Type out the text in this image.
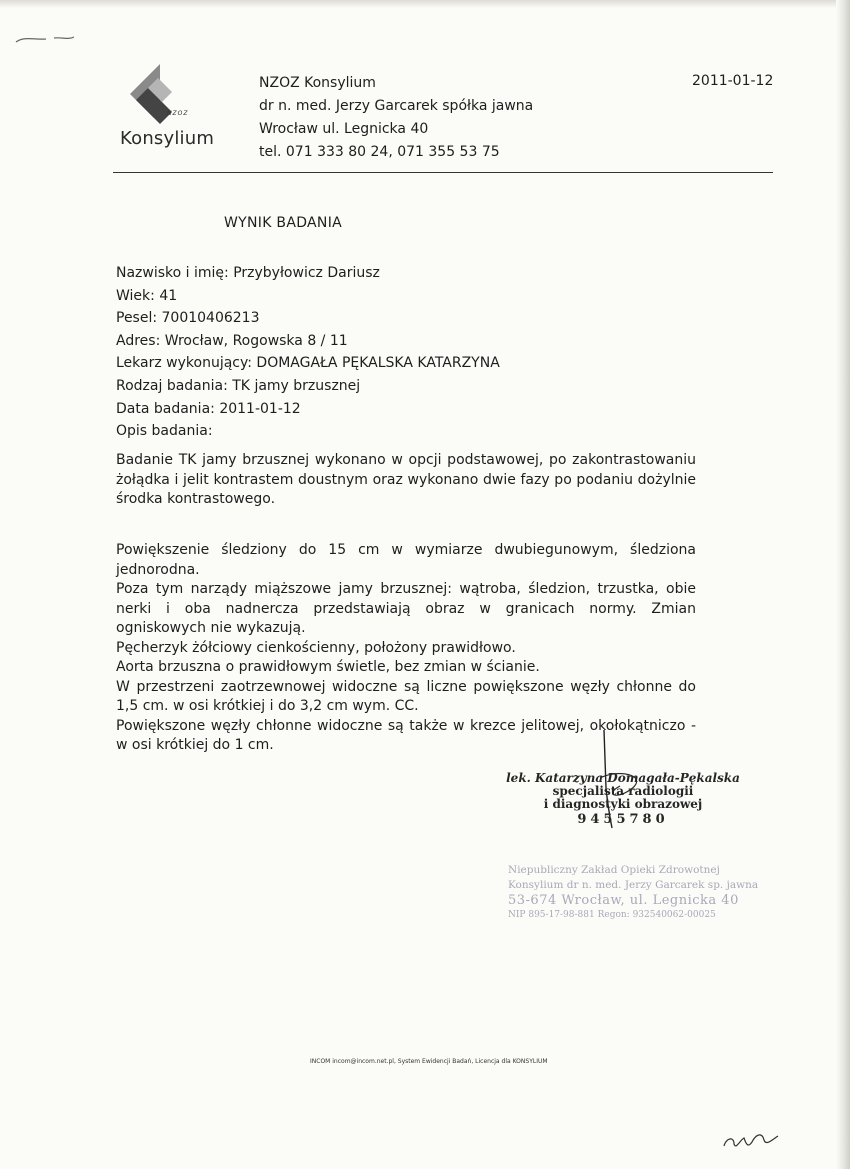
NZOZ
Konsylium
NZOZ Konsylium
dr n. med. Jerzy Garcarek spółka jawna
Wrocław ul. Legnicka 40
tel. 071 333 80 24, 071 355 53 75
2011-01-12
WYNIK BADANIA
Nazwisko i imię: Przybyłowicz Dariusz
Wiek: 41
Pesel: 70010406213
Adres: Wrocław, Rogowska 8 / 11
Lekarz wykonujący: DOMAGAŁA PĘKALSKA KATARZYNA
Rodzaj badania: TK jamy brzusznej
Data badania: 2011-01-12
Opis badania:

Badanie TK jamy brzusznej wykonano w opcji podstawowej, po zakontrastowaniu żołądka i jelit kontrastem doustnym oraz wykonano dwie fazy po podaniu dożylnie środka kontrastowego.

Powiększenie śledziony do 15 cm w wymiarze dwubiegunowym, śledziona jednorodna.

Poza tym narządy miąższowe jamy brzusznej: wątroba, śledzion, trzustka, obie nerki i oba nadnercza przedstawiają obraz w granicach normy. Zmian ogniskowych nie wykazują.

Pęcherzyk żółciowy cienkościenny, położony prawidłowo.

Aorta brzuszna o prawidłowym świetle, bez zmian w ścianie.

W przestrzeni zaotrzewnowej widoczne są liczne powiększone węzły chłonne do 1,5 cm. w osi krótkiej i do 3,2 cm wym. CC.

Powiększone węzły chłonne widoczne są także w krezce jelitowej, okołokątniczo - w osi krótkiej do 1 cm.

lek. Katarzyna Domagała-Pękalska
specjalista radiologii
i diagnostyki obrazowej
9455780
Niepubliczny Zakład Opieki Zdrowotnej
Konsylium dr n. med. Jerzy Garcarek sp. jawna
53-674 Wrocław, ul. Legnicka 40
NIP 895-17-98-881 Regon: 932540062-00025
INCOM incom@incom.net.pl, System Ewidencji Badań, Licencja dla KONSYLIUM
